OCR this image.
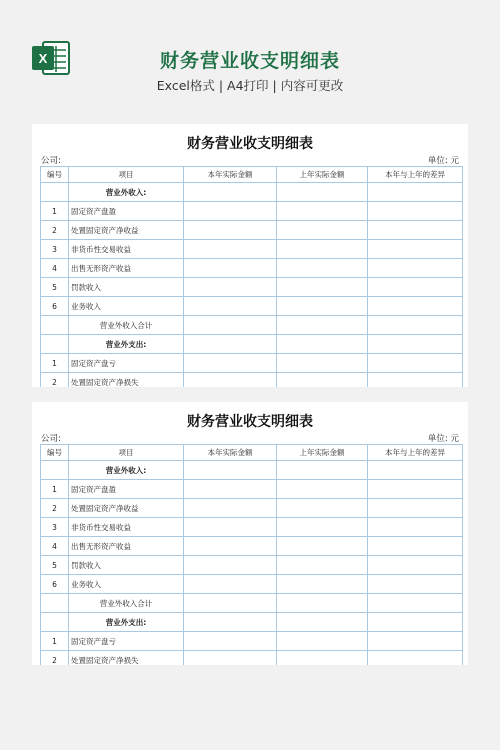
X	财务营业收支明细表
Excel格式 | A4打印 | 内容可更改
财务营业收支明细表
公司:	单位: 元
编号	项目	本年实际金额	上年实际金额	本年与上年的差异
	营业外收入:			
1	固定资产盘盈			
2	处置固定资产净收益			
3	非货币性交易收益			
4	出售无形资产收益			
5	罚款收入			
6	业务收入			
	营业外收入合计			
	营业外支出:			
1	固定资产盘亏			
2	处置固定资产净损失			
财务营业收支明细表
公司:	单位: 元
编号	项目	本年实际金额	上年实际金额	本年与上年的差异
	营业外收入:			
1	固定资产盘盈			
2	处置固定资产净收益			
3	非货币性交易收益			
4	出售无形资产收益			
5	罚款收入			
6	业务收入			
	营业外收入合计			
	营业外支出:			
1	固定资产盘亏			
2	处置固定资产净损失			
